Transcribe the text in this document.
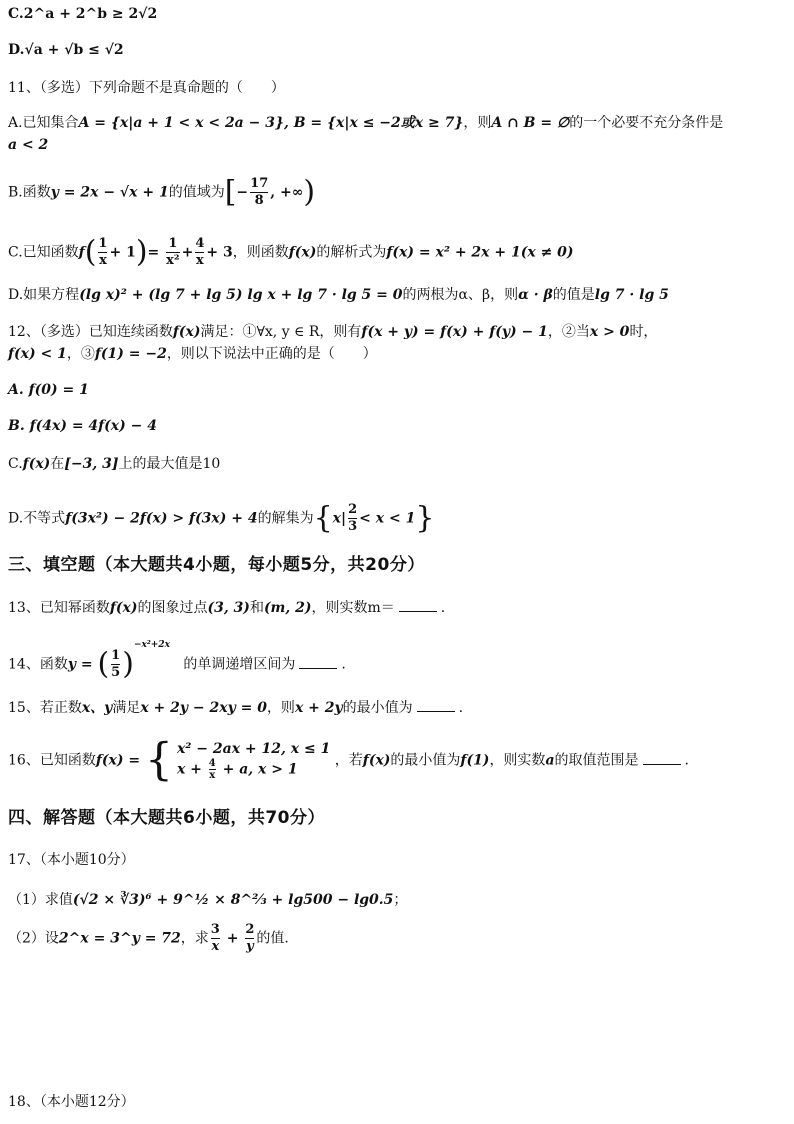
C.2^a + 2^b ≥ 2√2
D.√a + √b ≤ √2
11、（多选）下列命题不是真命题的（　　）
A.已知集合A = {x|a + 1 < x < 2a − 3}, B = {x|x ≤ −2或x ≥ 7}，则A ∩ B = ∅的一个必要不充分条件是
a < 2
B.函数y = 2x − √x + 1的值域为[− $\frac{17}{8}$ , +∞)
C.已知函数$f( \frac{1}{x} + 1)= \frac{1}{\text{x²}} + \frac{4}{x} + 3$，则函数f(x)的解析式为f(x) = x² + 2x + 1(x ≠ 0)
D.如果方程(lg x)² + (lg 7 + lg 5) lg x + lg 7 · lg 5 = 0的两根为α、β，则α · β的值是lg 7 · lg 5
12、（多选）已知连续函数f(x)满足：①∀x, y ∈ R，则有f(x + y) = f(x) + f(y) − 1，②当x > 0时，
f(x) < 1，③f(1) = −2，则以下说法中正确的是（　　）
A. f(0) = 1
B. f(4x) = 4f(x) − 4
C.f(x)在[−3, 3]上的最大值是10
D.不等式f(3x²) − 2f(x) > f(3x) + 4的解集为$\{x| \frac{2}{3} < x < 1\}$
三、填空题（本大题共4小题，每小题5分，共20分）
13、已知幂函数f(x)的图象过点(3, 3)和(m, 2)，则实数m＝	.
14、函数y = ( $\frac{1}{5} )^{-x^2+2x}$   的单调递增区间为	.
15、若正数x、y满足x + 2y − 2xy = 0，则x + 2y的最小值为	.
16、已知函数f(x) = { x² − 2ax + 12, x ≤ 1
$x + \frac{4}{x} + a$, x > 1 ，若f(x)的最小值为f(1)，则实数a的取值范围是	.
四、解答题（本大题共6小题，共70分）
17、（本小题10分）
（1）求值(√2 × ∛3)⁶ + 9^½ × 8^⅔ + lg500 − lg0.5；
（2）设2^x = 3^y = 72，求 $\frac{3}{x} + \frac{2}{y}$ 的值.
18、（本小题12分）
